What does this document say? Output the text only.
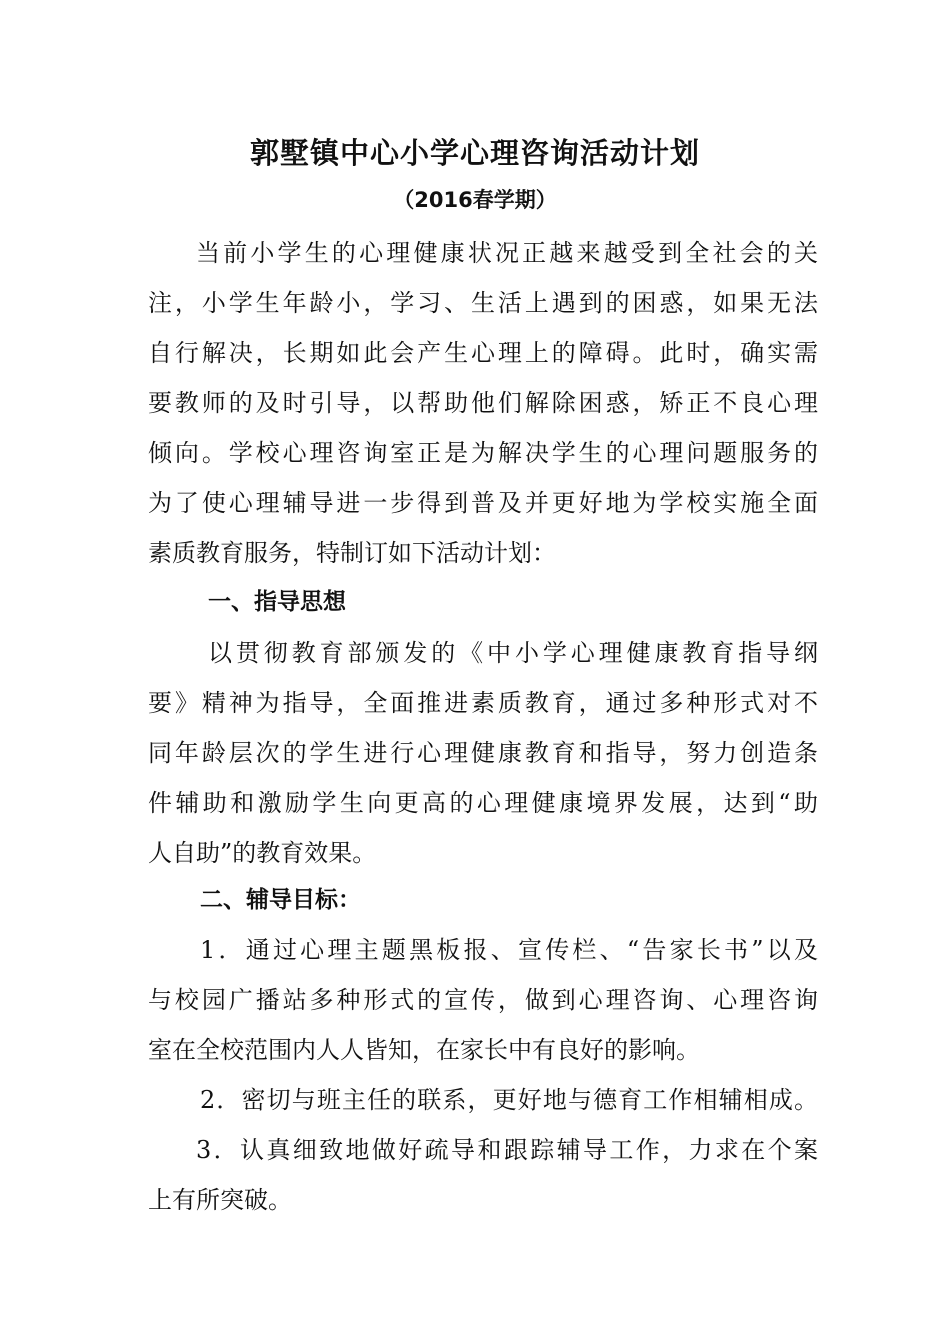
郭墅镇中心小学心理咨询活动计划
（2016春学期）
当前小学生的心理健康状况正越来越受到全社会的关
注，小学生年龄小，学习、生活上遇到的困惑，如果无法
自行解决，长期如此会产生心理上的障碍。此时，确实需
要教师的及时引导，以帮助他们解除困惑，矫正不良心理
倾向。学校心理咨询室正是为解决学生的心理问题服务的
为了使心理辅导进一步得到普及并更好地为学校实施全面
素质教育服务，特制订如下活动计划：
一、指导思想
以贯彻教育部颁发的《中小学心理健康教育指导纲
要》精神为指导，全面推进素质教育，通过多种形式对不
同年龄层次的学生进行心理健康教育和指导，努力创造条
件辅助和激励学生向更高的心理健康境界发展，达到“助
人自助”的教育效果。
二、辅导目标：
1．通过心理主题黑板报、宣传栏、“告家长书”以及
与校园广播站多种形式的宣传，做到心理咨询、心理咨询
室在全校范围内人人皆知，在家长中有良好的影响。
2．密切与班主任的联系，更好地与德育工作相辅相成。
3．认真细致地做好疏导和跟踪辅导工作，力求在个案
上有所突破。
